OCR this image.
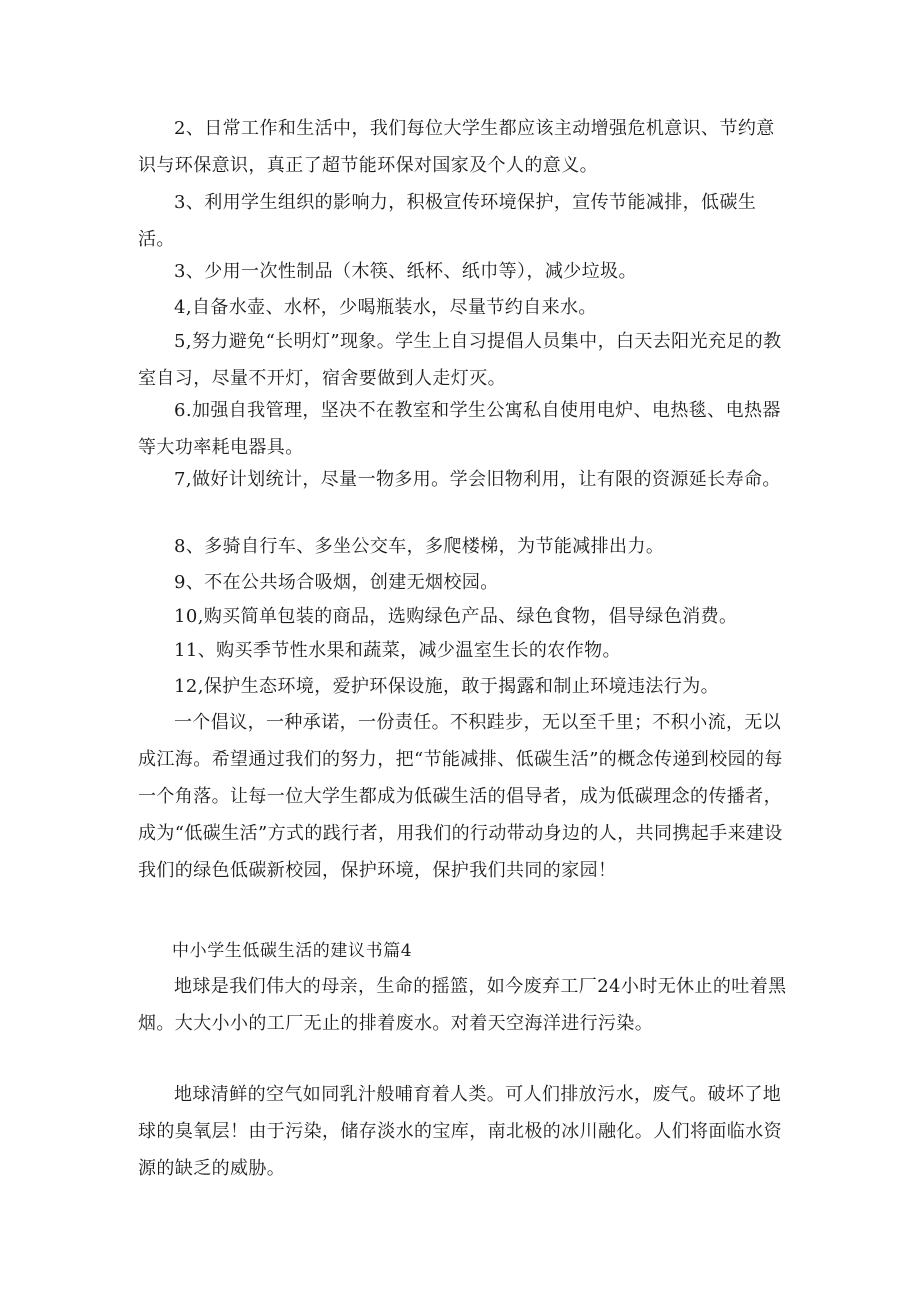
2、日常工作和生活中，我们每位大学生都应该主动增强危机意识、节约意识与环保意识，真正了超节能环保对国家及个人的意义。

3、利用学生组织的影响力，积极宣传环境保护，宣传节能减排，低碳生活。

3、少用一次性制品（木筷、纸杯、纸巾等），减少垃圾。

4,自备水壶、水杯，少喝瓶装水，尽量节约自来水。

5,努力避免“长明灯”现象。学生上自习提倡人员集中，白天去阳光充足的教室自习，尽量不开灯，宿舍要做到人走灯灭。

6.加强自我管理，坚决不在教室和学生公寓私自使用电炉、电热毯、电热器等大功率耗电器具。

7,做好计划统计，尽量一物多用。学会旧物利用，让有限的资源延长寿命。

8、多骑自行车、多坐公交车，多爬楼梯，为节能减排出力。

9、不在公共场合吸烟，创建无烟校园。

10,购买简单包装的商品，选购绿色产品、绿色食物，倡导绿色消费。

11、购买季节性水果和蔬菜，减少温室生长的农作物。

12,保护生态环境，爱护环保设施，敢于揭露和制止环境违法行为。

一个倡议，一种承诺，一份责任。不积跬步，无以至千里；不积小流，无以成江海。希望通过我们的努力，把“节能减排、低碳生活”的概念传递到校园的每一个角落。让每一位大学生都成为低碳生活的倡导者，成为低碳理念的传播者，成为“低碳生活”方式的践行者，用我们的行动带动身边的人，共同携起手来建设我们的绿色低碳新校园，保护环境，保护我们共同的家园！

中小学生低碳生活的建议书篇4

地球是我们伟大的母亲，生命的摇篮，如今废弃工厂24小时无休止的吐着黑烟。大大小小的工厂无止的排着废水。对着天空海洋进行污染。

地球清鲜的空气如同乳汁般哺育着人类。可人们排放污水，废气。破坏了地球的臭氧层！由于污染，储存淡水的宝库，南北极的冰川融化。人们将面临水资源的缺乏的威胁。
